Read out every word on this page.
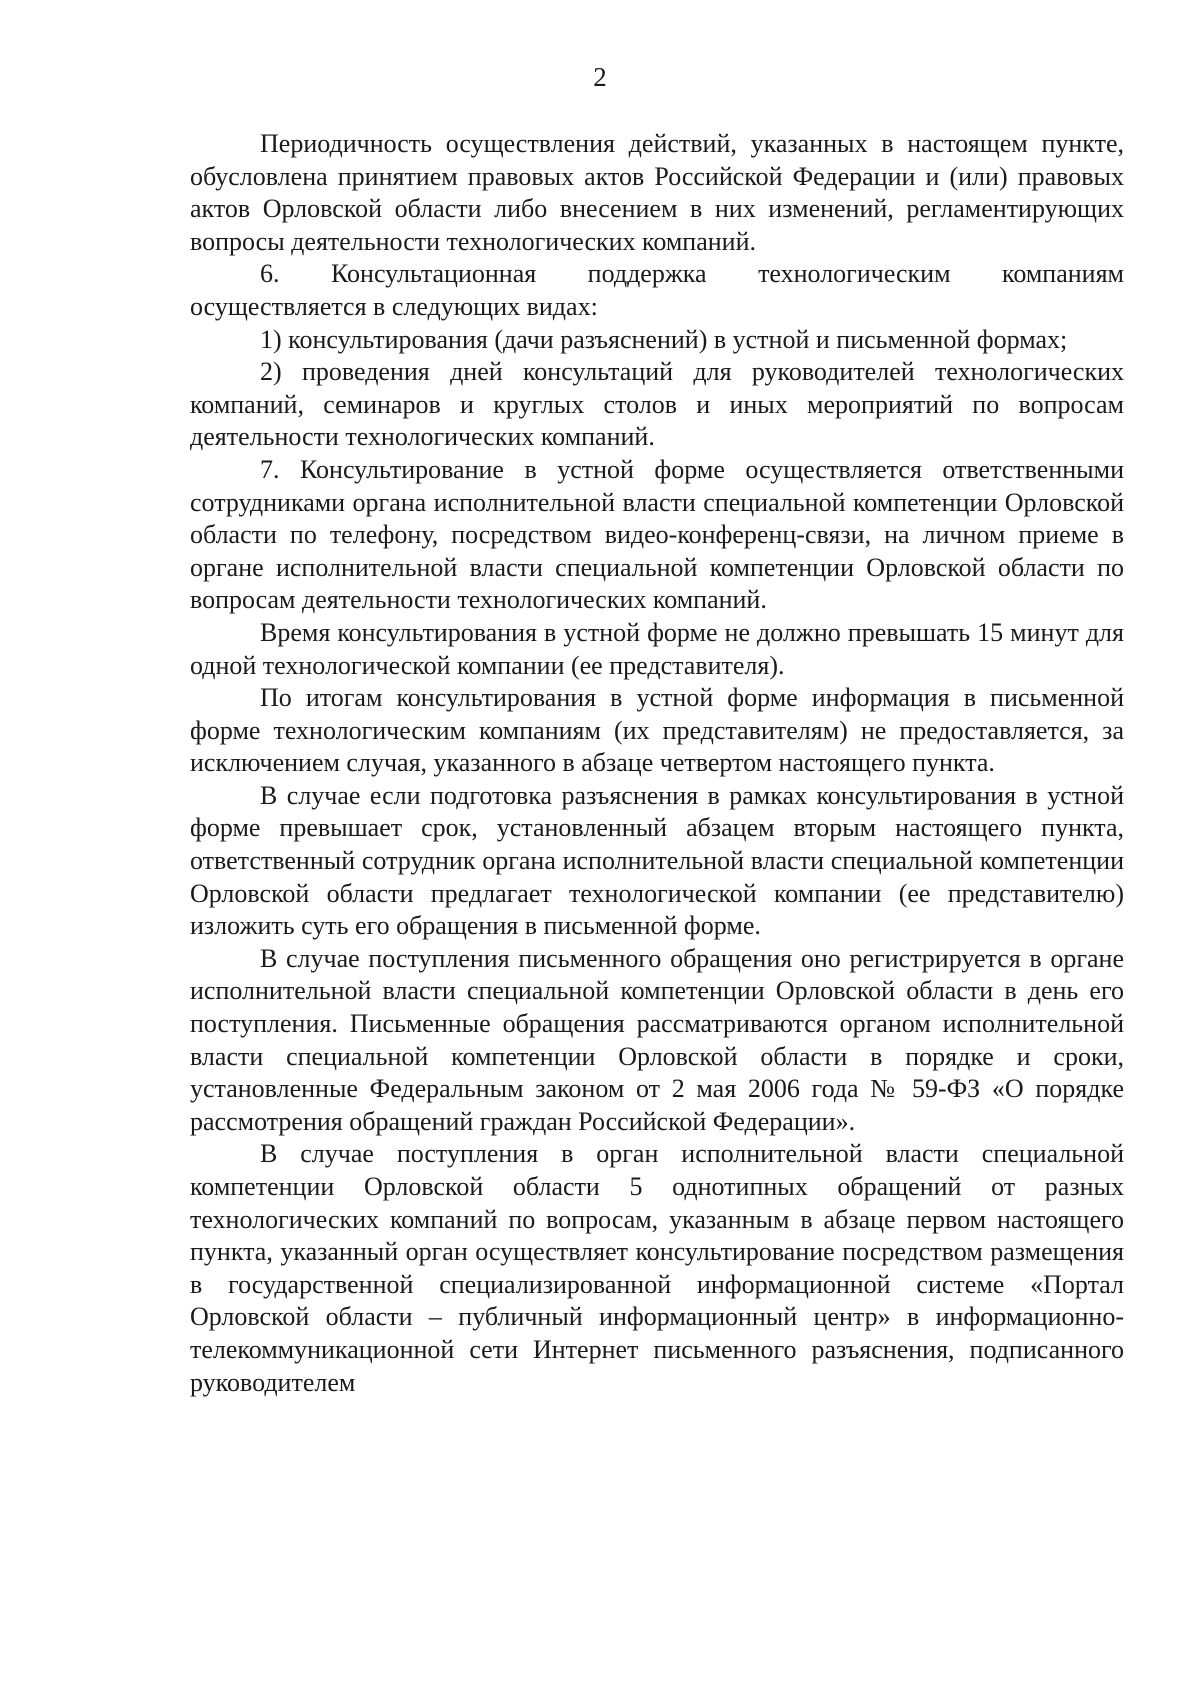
2

Периодичность осуществления действий, указанных в настоящем пункте, обусловлена принятием правовых актов Российской Федерации и (или) правовых актов Орловской области либо внесением в них изменений, регламентирующих вопросы деятельности технологических компаний.

6. Консультационная поддержка технологическим компаниям осуществляется в следующих видах:

1) консультирования (дачи разъяснений) в устной и письменной формах;

2) проведения дней консультаций для руководителей технологических компаний, семинаров и круглых столов и иных мероприятий по вопросам деятельности технологических компаний.

7. Консультирование в устной форме осуществляется ответственными сотрудниками органа исполнительной власти специальной компетенции Орловской области по телефону, посредством видео-конференц-связи, на личном приеме в органе исполнительной власти специальной компетенции Орловской области по вопросам деятельности технологических компаний.

Время консультирования в устной форме не должно превышать 15 минут для одной технологической компании (ее представителя).

По итогам консультирования в устной форме информация в письменной форме технологическим компаниям (их представителям) не предоставляется, за исключением случая, указанного в абзаце четвертом настоящего пункта.

В случае если подготовка разъяснения в рамках консультирования в устной форме превышает срок, установленный абзацем вторым настоящего пункта, ответственный сотрудник органа исполнительной власти специальной компетенции Орловской области предлагает технологической компании (ее представителю) изложить суть его обращения в письменной форме.

В случае поступления письменного обращения оно регистрируется в органе исполнительной власти специальной компетенции Орловской области в день его поступления. Письменные обращения рассматриваются органом исполнительной власти специальной компетенции Орловской области в порядке и сроки, установленные Федеральным законом от 2 мая 2006 года № 59-ФЗ «О порядке рассмотрения обращений граждан Российской Федерации».

В случае поступления в орган исполнительной власти специальной компетенции Орловской области 5 однотипных обращений от разных технологических компаний по вопросам, указанным в абзаце первом настоящего пункта, указанный орган осуществляет консультирование посредством размещения в государственной специализированной информационной системе «Портал Орловской области – публичный информационный центр» в информационно-телекоммуникационной сети Интернет письменного разъяснения, подписанного руководителем
